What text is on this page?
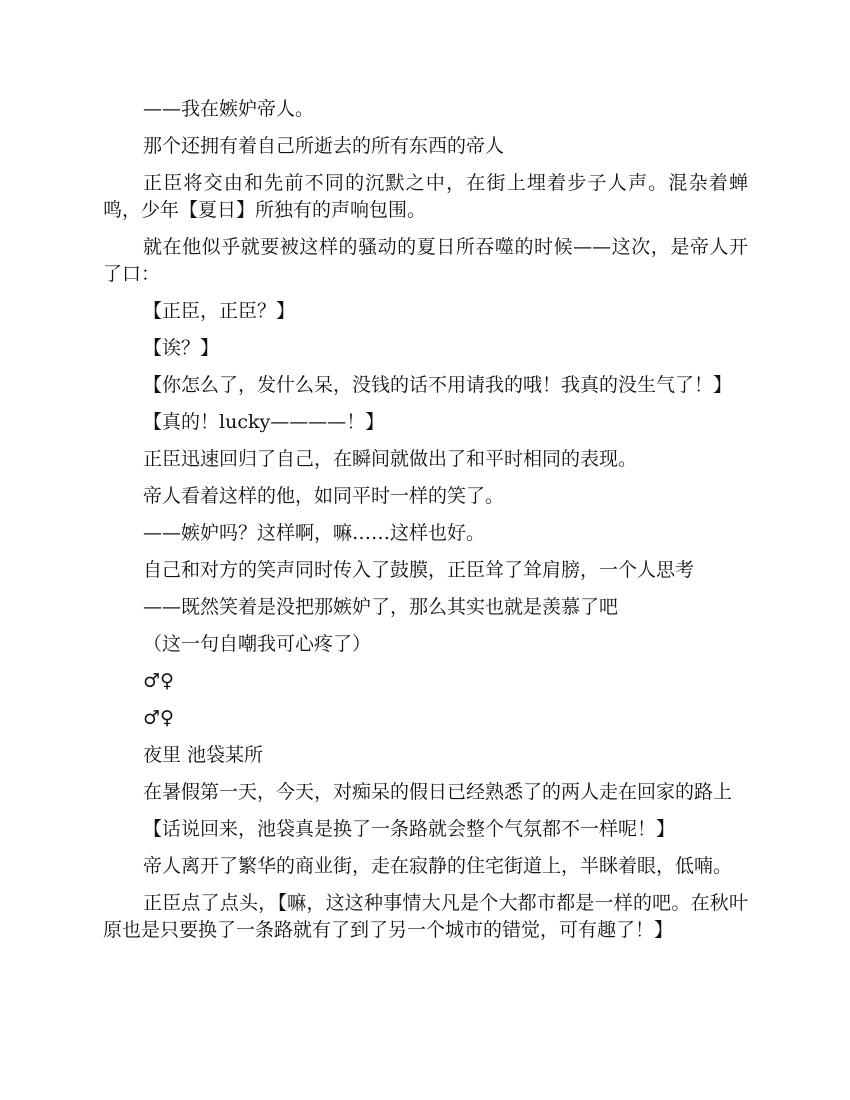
——我在嫉妒帝人。

那个还拥有着自己所逝去的所有东西的帝人

正臣将交由和先前不同的沉默之中，在街上埋着步子人声。混杂着蝉鸣，少年【夏日】所独有的声响包围。

就在他似乎就要被这样的骚动的夏日所吞噬的时候——这次，是帝人开了口：

【正臣，正臣？】

【诶？】

【你怎么了，发什么呆，没钱的话不用请我的哦！我真的没生气了！】

【真的！lucky————！】

正臣迅速回归了自己，在瞬间就做出了和平时相同的表现。

帝人看着这样的他，如同平时一样的笑了。

——嫉妒吗？这样啊，嘛……这样也好。

自己和对方的笑声同时传入了鼓膜，正臣耸了耸肩膀，一个人思考

——既然笑着是没把那嫉妒了，那么其实也就是羡慕了吧

（这一句自嘲我可心疼了）

♂♀

♂♀

夜里 池袋某所

在暑假第一天，今天，对痴呆的假日已经熟悉了的两人走在回家的路上

【话说回来，池袋真是换了一条路就会整个气氛都不一样呢！】

帝人离开了繁华的商业街，走在寂静的住宅街道上，半眯着眼，低喃。

正臣点了点头，【嘛，这这种事情大凡是个大都市都是一样的吧。在秋叶原也是只要换了一条路就有了到了另一个城市的错觉，可有趣了！】
